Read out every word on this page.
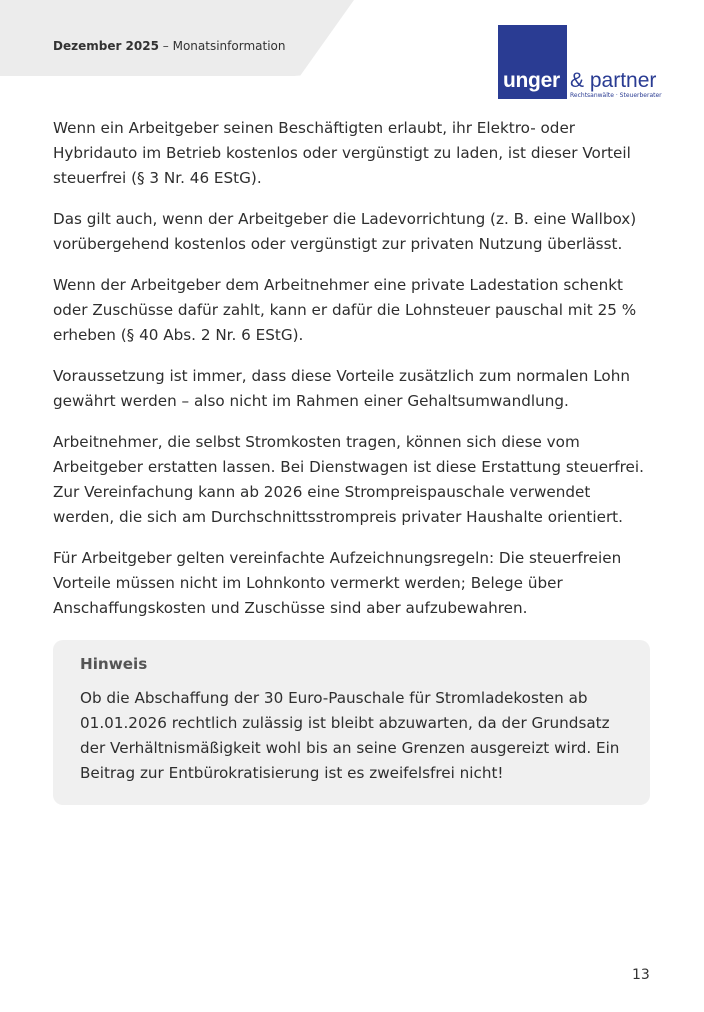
Dezember 2025 – Monatsinformation
unger & partner
Rechtsanwälte · Steuerberater

Wenn ein Arbeitgeber seinen Beschäftigten erlaubt, ihr Elektro- oder Hybridauto im Betrieb kostenlos oder vergünstigt zu laden, ist dieser Vorteil steuerfrei (§ 3 Nr. 46 EStG).

Das gilt auch, wenn der Arbeitgeber die Ladevorrichtung (z. B. eine Wallbox) vorübergehend kostenlos oder vergünstigt zur privaten Nutzung überlässt.

Wenn der Arbeitgeber dem Arbeitnehmer eine private Ladestation schenkt oder Zuschüsse dafür zahlt, kann er dafür die Lohnsteuer pauschal mit 25 % erheben (§ 40 Abs. 2 Nr. 6 EStG).

Voraussetzung ist immer, dass diese Vorteile zusätzlich zum normalen Lohn gewährt werden – also nicht im Rahmen einer Gehaltsumwandlung.

Arbeitnehmer, die selbst Stromkosten tragen, können sich diese vom Arbeitgeber erstatten lassen. Bei Dienstwagen ist diese Erstattung steuerfrei. Zur Vereinfachung kann ab 2026 eine Strompreispauschale verwendet werden, die sich am Durchschnittsstrompreis privater Haushalte orientiert.

Für Arbeitgeber gelten vereinfachte Aufzeichnungsregeln: Die steuerfreien Vorteile müssen nicht im Lohnkonto vermerkt werden; Belege über Anschaffungskosten und Zuschüsse sind aber aufzubewahren.

Hinweis
Ob die Abschaffung der 30 Euro-Pauschale für Stromladekosten ab 01.01.2026 rechtlich zulässig ist bleibt abzuwarten, da der Grundsatz der Verhältnismäßigkeit wohl bis an seine Grenzen ausgereizt wird. Ein Beitrag zur Entbürokratisierung ist es zweifelsfrei nicht!
13
